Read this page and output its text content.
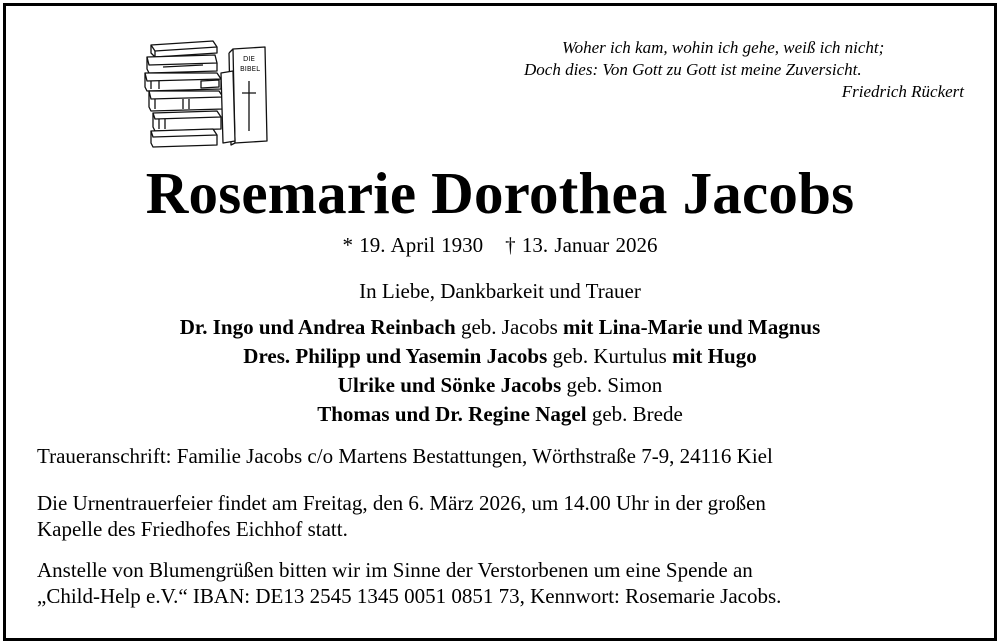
DIE
BIBEL
Woher ich kam, wohin ich gehe, weiß ich nicht;
Doch dies: Von Gott zu Gott ist meine Zuversicht.
Friedrich Rückert
Rosemarie Dorothea Jacobs
* 19. April 1930 † 13. Januar 2026
In Liebe, Dankbarkeit und Trauer
Dr. Ingo und Andrea Reinbach geb. Jacobs mit Lina-Marie und Magnus
Dres. Philipp und Yasemin Jacobs geb. Kurtulus mit Hugo
Ulrike und Sönke Jacobs geb. Simon
Thomas und Dr. Regine Nagel geb. Brede
Traueranschrift: Familie Jacobs c/o Martens Bestattungen, Wörthstraße 7-9, 24116 Kiel
Die Urnentrauerfeier findet am Freitag, den 6. März 2026, um 14.00 Uhr in der großen
Kapelle des Friedhofes Eichhof statt.
Anstelle von Blumengrüßen bitten wir im Sinne der Verstorbenen um eine Spende an
„Child-Help e.V.“ IBAN: DE13 2545 1345 0051 0851 73, Kennwort: Rosemarie Jacobs.
